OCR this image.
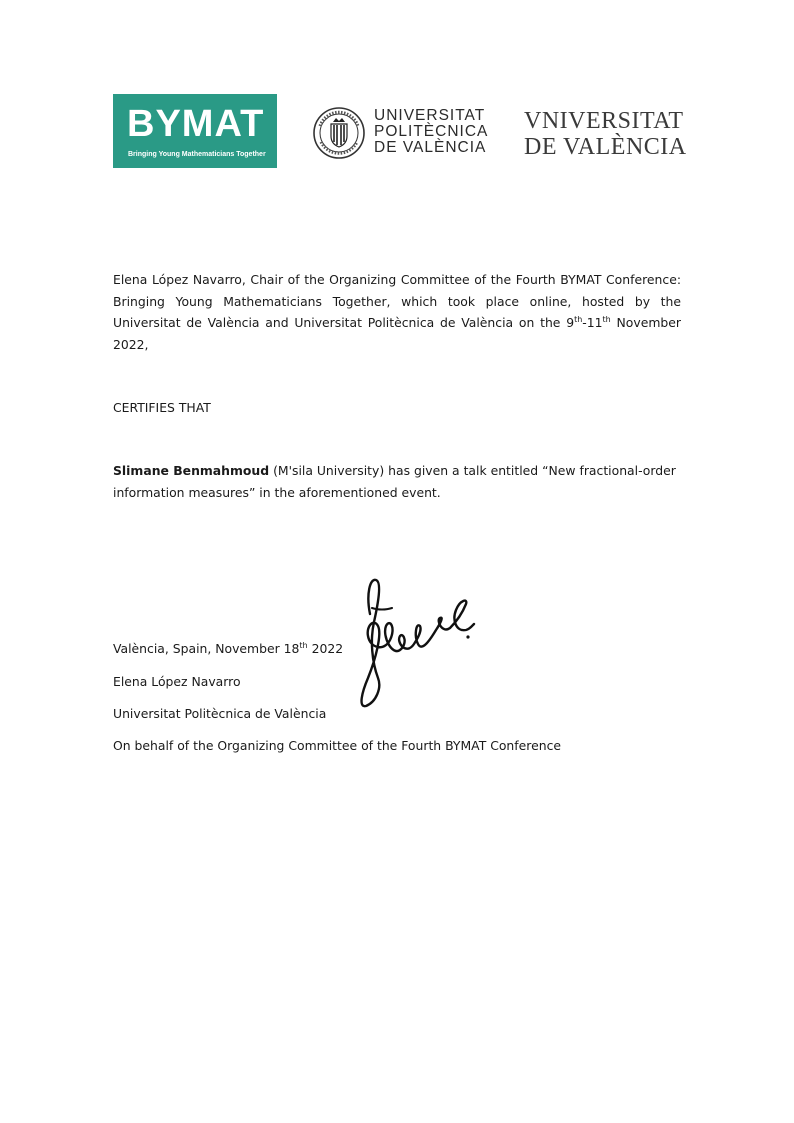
BYMAT
Bringing Young Mathematicians Together
UNIVERSITAT
POLITÈCNICA
DE VALÈNCIA
VNIVERSITAT
DE VALÈNCIA
Elena López Navarro, Chair of the Organizing Committee of the Fourth BYMAT Conference: Bringing Young Mathematicians Together, which took place online, hosted by the Universitat de València and Universitat Politècnica de València on the 9th-11th November 2022,
CERTIFIES THAT
Slimane Benmahmoud (M'sila University) has given a talk entitled “New fractional-order information measures” in the aforementioned event.
València, Spain, November 18th 2022
Elena López Navarro
Universitat Politècnica de València
On behalf of the Organizing Committee of the Fourth BYMAT Conference
